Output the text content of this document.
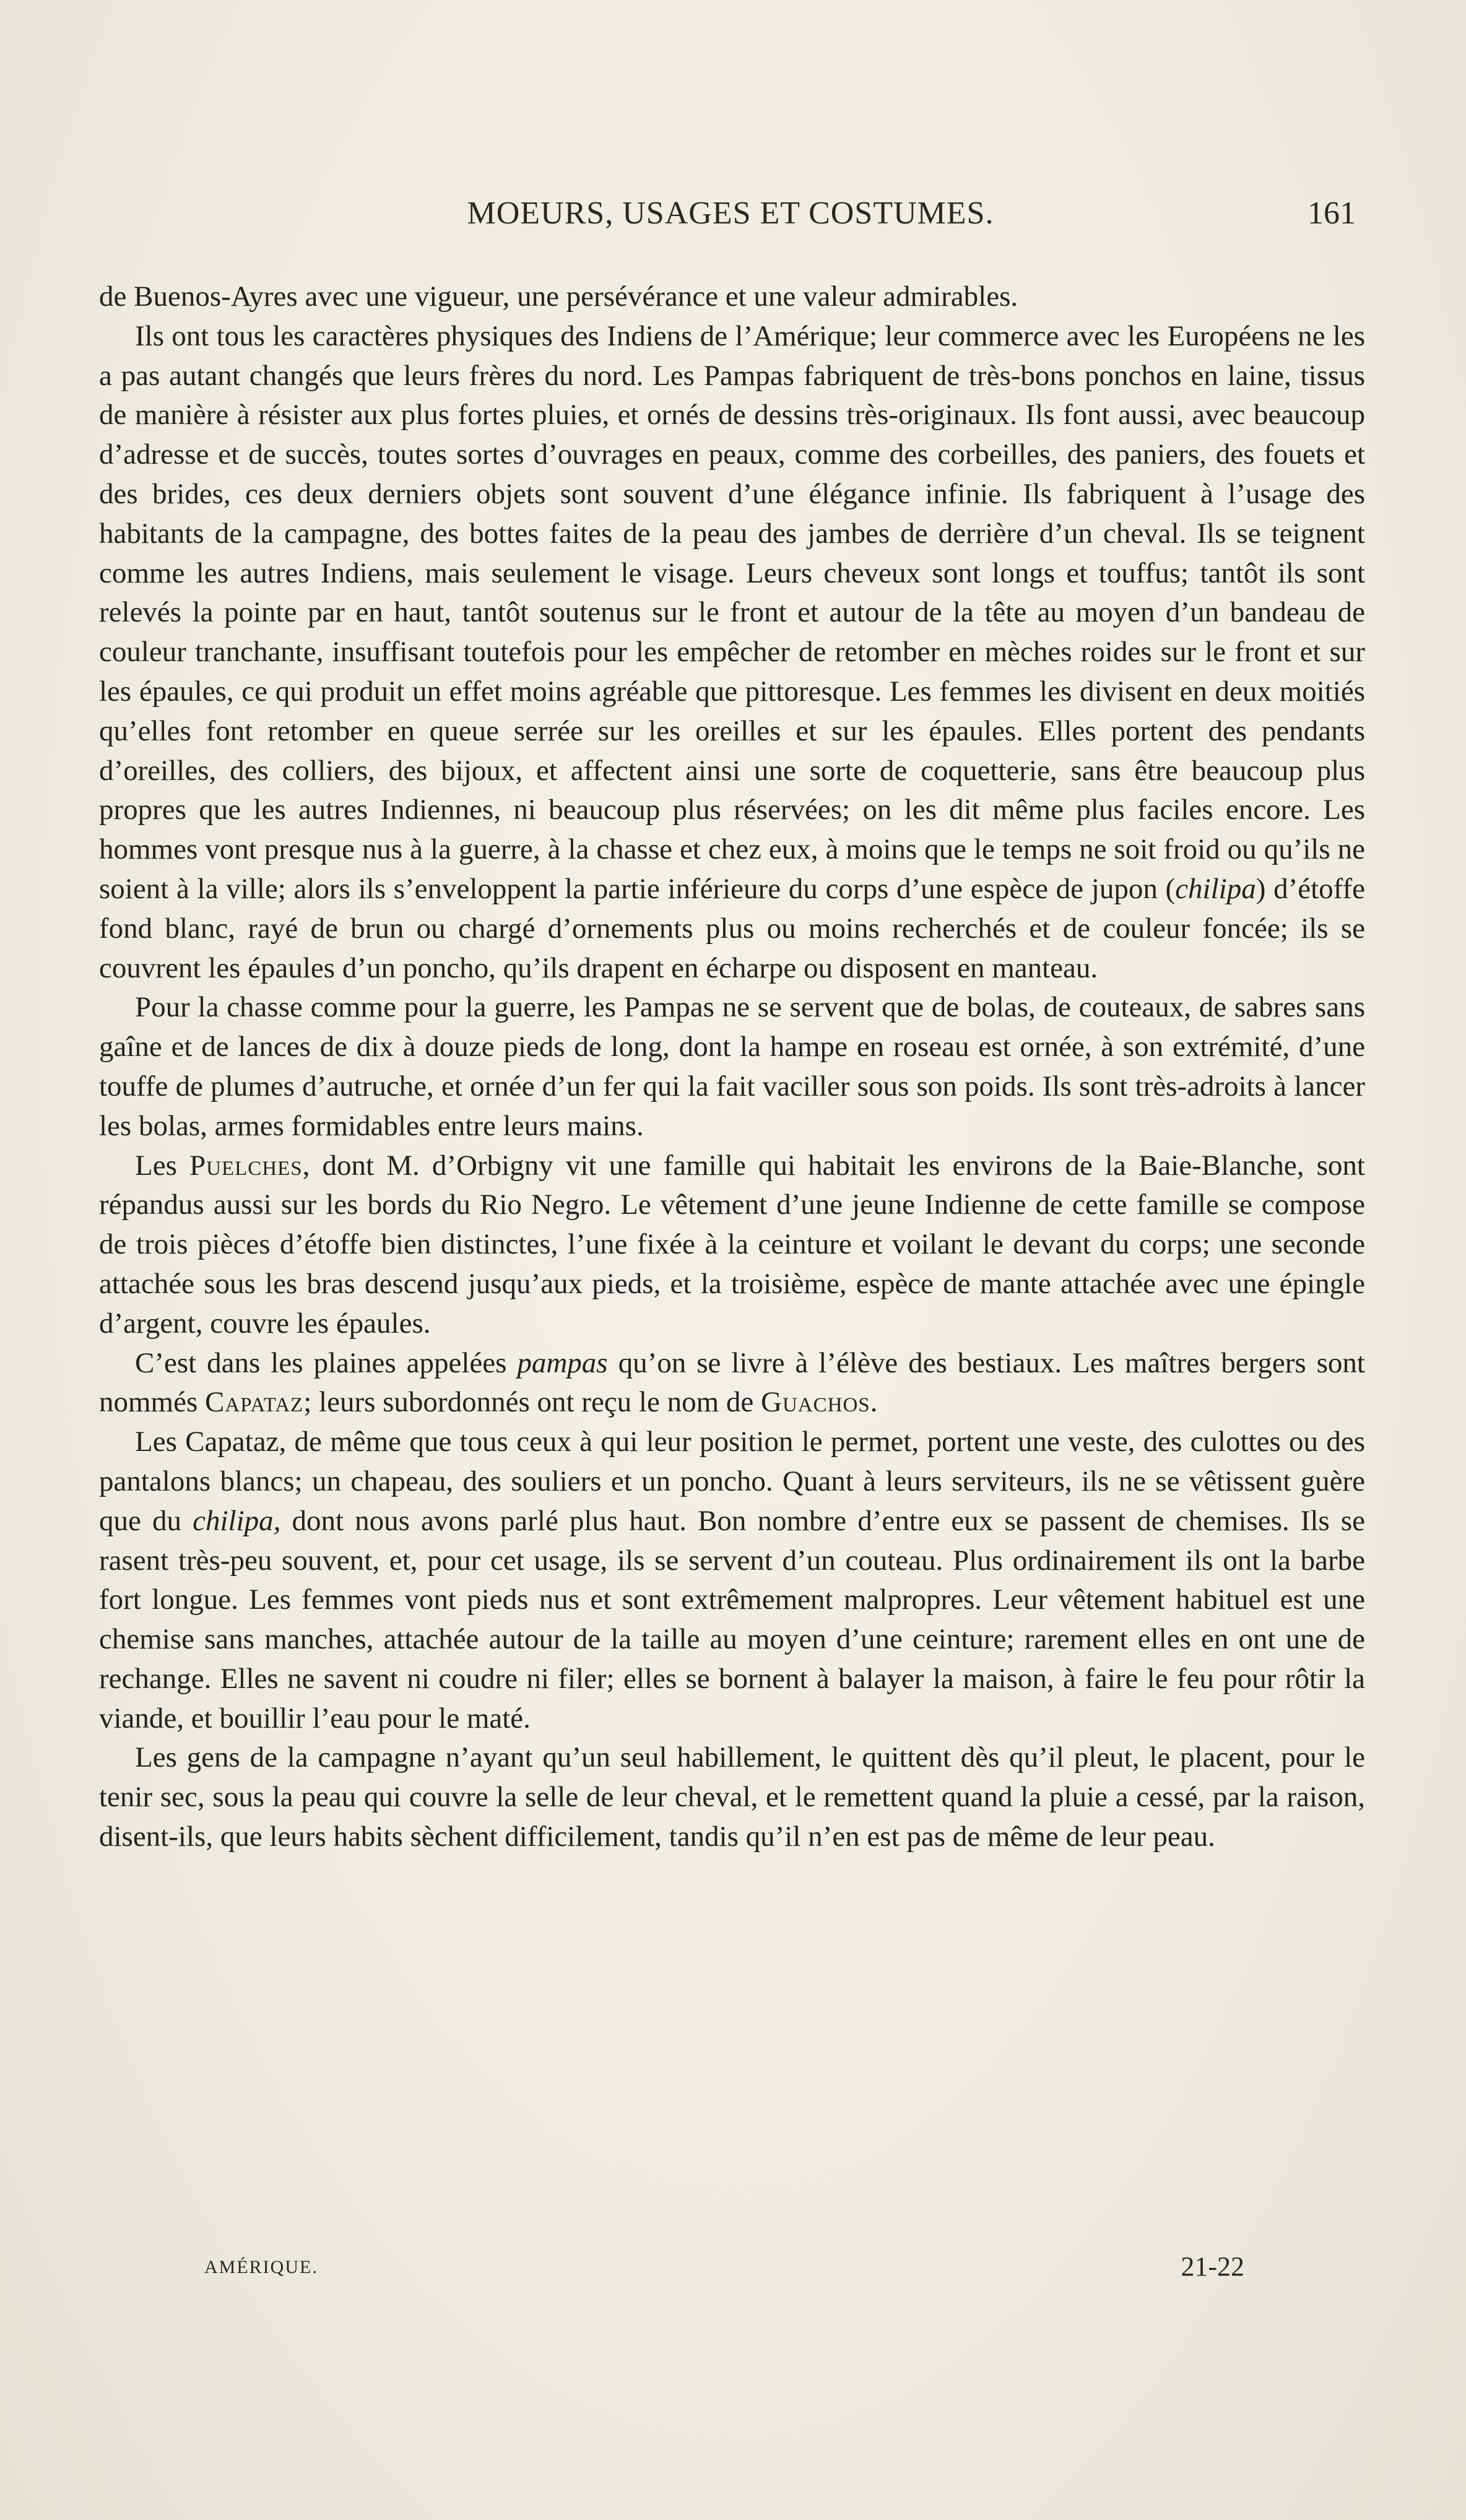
MOEURS, USAGES ET COSTUMES.	161

de Buenos-Ayres avec une vigueur, une persévérance et une valeur admirables.

Ils ont tous les caractères physiques des Indiens de l’Amérique; leur commerce avec les Européens ne les a pas autant changés que leurs frères du nord. Les Pampas fabriquent de très-bons ponchos en laine, tissus de manière à résister aux plus fortes pluies, et ornés de dessins très-originaux. Ils font aussi, avec beaucoup d’adresse et de succès, toutes sortes d’ouvrages en peaux, comme des corbeilles, des paniers, des fouets et des brides, ces deux derniers objets sont souvent d’une élégance infinie. Ils fabriquent à l’usage des habitants de la campagne, des bottes faites de la peau des jambes de derrière d’un cheval. Ils se teignent comme les autres Indiens, mais seulement le visage. Leurs cheveux sont longs et touffus; tantôt ils sont relevés la pointe par en haut, tantôt soutenus sur le front et autour de la tête au moyen d’un bandeau de couleur tranchante, insuffisant toutefois pour les empêcher de retomber en mèches roides sur le front et sur les épaules, ce qui produit un effet moins agréable que pittoresque. Les femmes les divisent en deux moitiés qu’elles font retomber en queue serrée sur les oreilles et sur les épaules. Elles portent des pendants d’oreilles, des colliers, des bijoux, et affectent ainsi une sorte de coquetterie, sans être beaucoup plus propres que les autres Indiennes, ni beaucoup plus réservées; on les dit même plus faciles encore. Les hommes vont presque nus à la guerre, à la chasse et chez eux, à moins que le temps ne soit froid ou qu’ils ne soient à la ville; alors ils s’enveloppent la partie inférieure du corps d’une espèce de jupon (chilipa) d’étoffe fond blanc, rayé de brun ou chargé d’ornements plus ou moins recherchés et de couleur foncée; ils se couvrent les épaules d’un poncho, qu’ils drapent en écharpe ou disposent en manteau.

Pour la chasse comme pour la guerre, les Pampas ne se servent que de bolas, de couteaux, de sabres sans gaîne et de lances de dix à douze pieds de long, dont la hampe en roseau est ornée, à son extrémité, d’une touffe de plumes d’autruche, et ornée d’un fer qui la fait vaciller sous son poids. Ils sont très-adroits à lancer les bolas, armes formidables entre leurs mains.

Les Puelches, dont M. d’Orbigny vit une famille qui habitait les environs de la Baie-Blanche, sont répandus aussi sur les bords du Rio Negro. Le vêtement d’une jeune Indienne de cette famille se compose de trois pièces d’étoffe bien distinctes, l’une fixée à la ceinture et voilant le devant du corps; une seconde attachée sous les bras descend jusqu’aux pieds, et la troisième, espèce de mante attachée avec une épingle d’argent, couvre les épaules.

C’est dans les plaines appelées pampas qu’on se livre à l’élève des bestiaux. Les maîtres bergers sont nommés Capataz; leurs subordonnés ont reçu le nom de Guachos.

Les Capataz, de même que tous ceux à qui leur position le permet, portent une veste, des culottes ou des pantalons blancs; un chapeau, des souliers et un poncho. Quant à leurs serviteurs, ils ne se vêtissent guère que du chilipa, dont nous avons parlé plus haut. Bon nombre d’entre eux se passent de chemises. Ils se rasent très-peu souvent, et, pour cet usage, ils se servent d’un couteau. Plus ordinairement ils ont la barbe fort longue. Les femmes vont pieds nus et sont extrêmement malpropres. Leur vêtement habituel est une chemise sans manches, attachée autour de la taille au moyen d’une ceinture; rarement elles en ont une de rechange. Elles ne savent ni coudre ni filer; elles se bornent à balayer la maison, à faire le feu pour rôtir la viande, et bouillir l’eau pour le maté.

Les gens de la campagne n’ayant qu’un seul habillement, le quittent dès qu’il pleut, le placent, pour le tenir sec, sous la peau qui couvre la selle de leur cheval, et le remettent quand la pluie a cessé, par la raison, disent-ils, que leurs habits sèchent difficilement, tandis qu’il n’en est pas de même de leur peau.

AMÉRIQUE.	21-22
